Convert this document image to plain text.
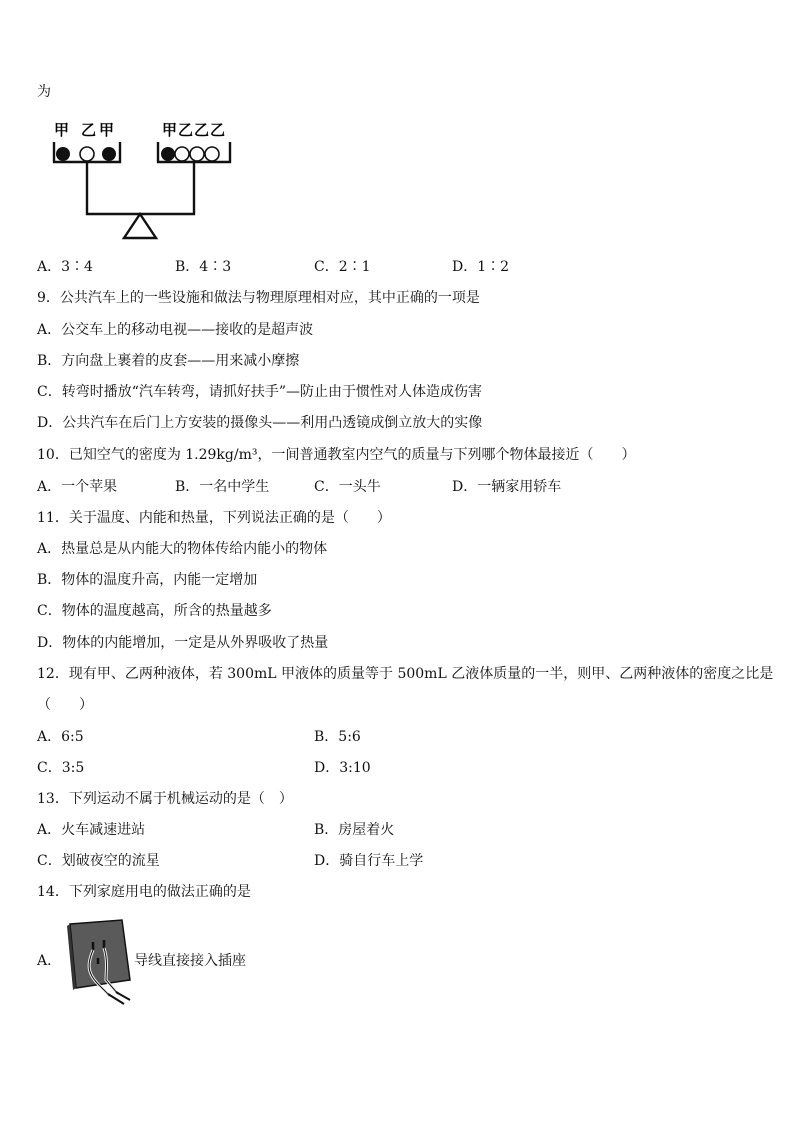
为
甲 乙 甲	甲 乙 乙 乙
A．3∶4	B．4∶3	C．2∶1	D．1∶2
9．公共汽车上的一些设施和做法与物理原理相对应，其中正确的一项是
A．公交车上的移动电视——接收的是超声波
B．方向盘上裹着的皮套——用来减小摩擦
C．转弯时播放“汽车转弯，请抓好扶手”—防止由于惯性对人体造成伤害
D．公共汽车在后门上方安装的摄像头——利用凸透镜成倒立放大的实像
10．已知空气的密度为 1.29kg/m³，一间普通教室内空气的质量与下列哪个物体最接近（　　）
A．一个苹果	B．一名中学生	C．一头牛	D．一辆家用轿车
11．关于温度、内能和热量，下列说法正确的是（　　）
A．热量总是从内能大的物体传给内能小的物体
B．物体的温度升高，内能一定增加
C．物体的温度越高，所含的热量越多
D．物体的内能增加，一定是从外界吸收了热量
12．现有甲、乙两种液体，若 300mL 甲液体的质量等于 500mL 乙液体质量的一半，则甲、乙两种液体的密度之比是
（　　）
A．6:5	B．5:6
C．3:5	D．3:10
13．下列运动不属于机械运动的是（　）
A．火车减速进站	B．房屋着火
C．划破夜空的流星	D．骑自行车上学
14．下列家庭用电的做法正确的是
A．	导线直接接入插座
